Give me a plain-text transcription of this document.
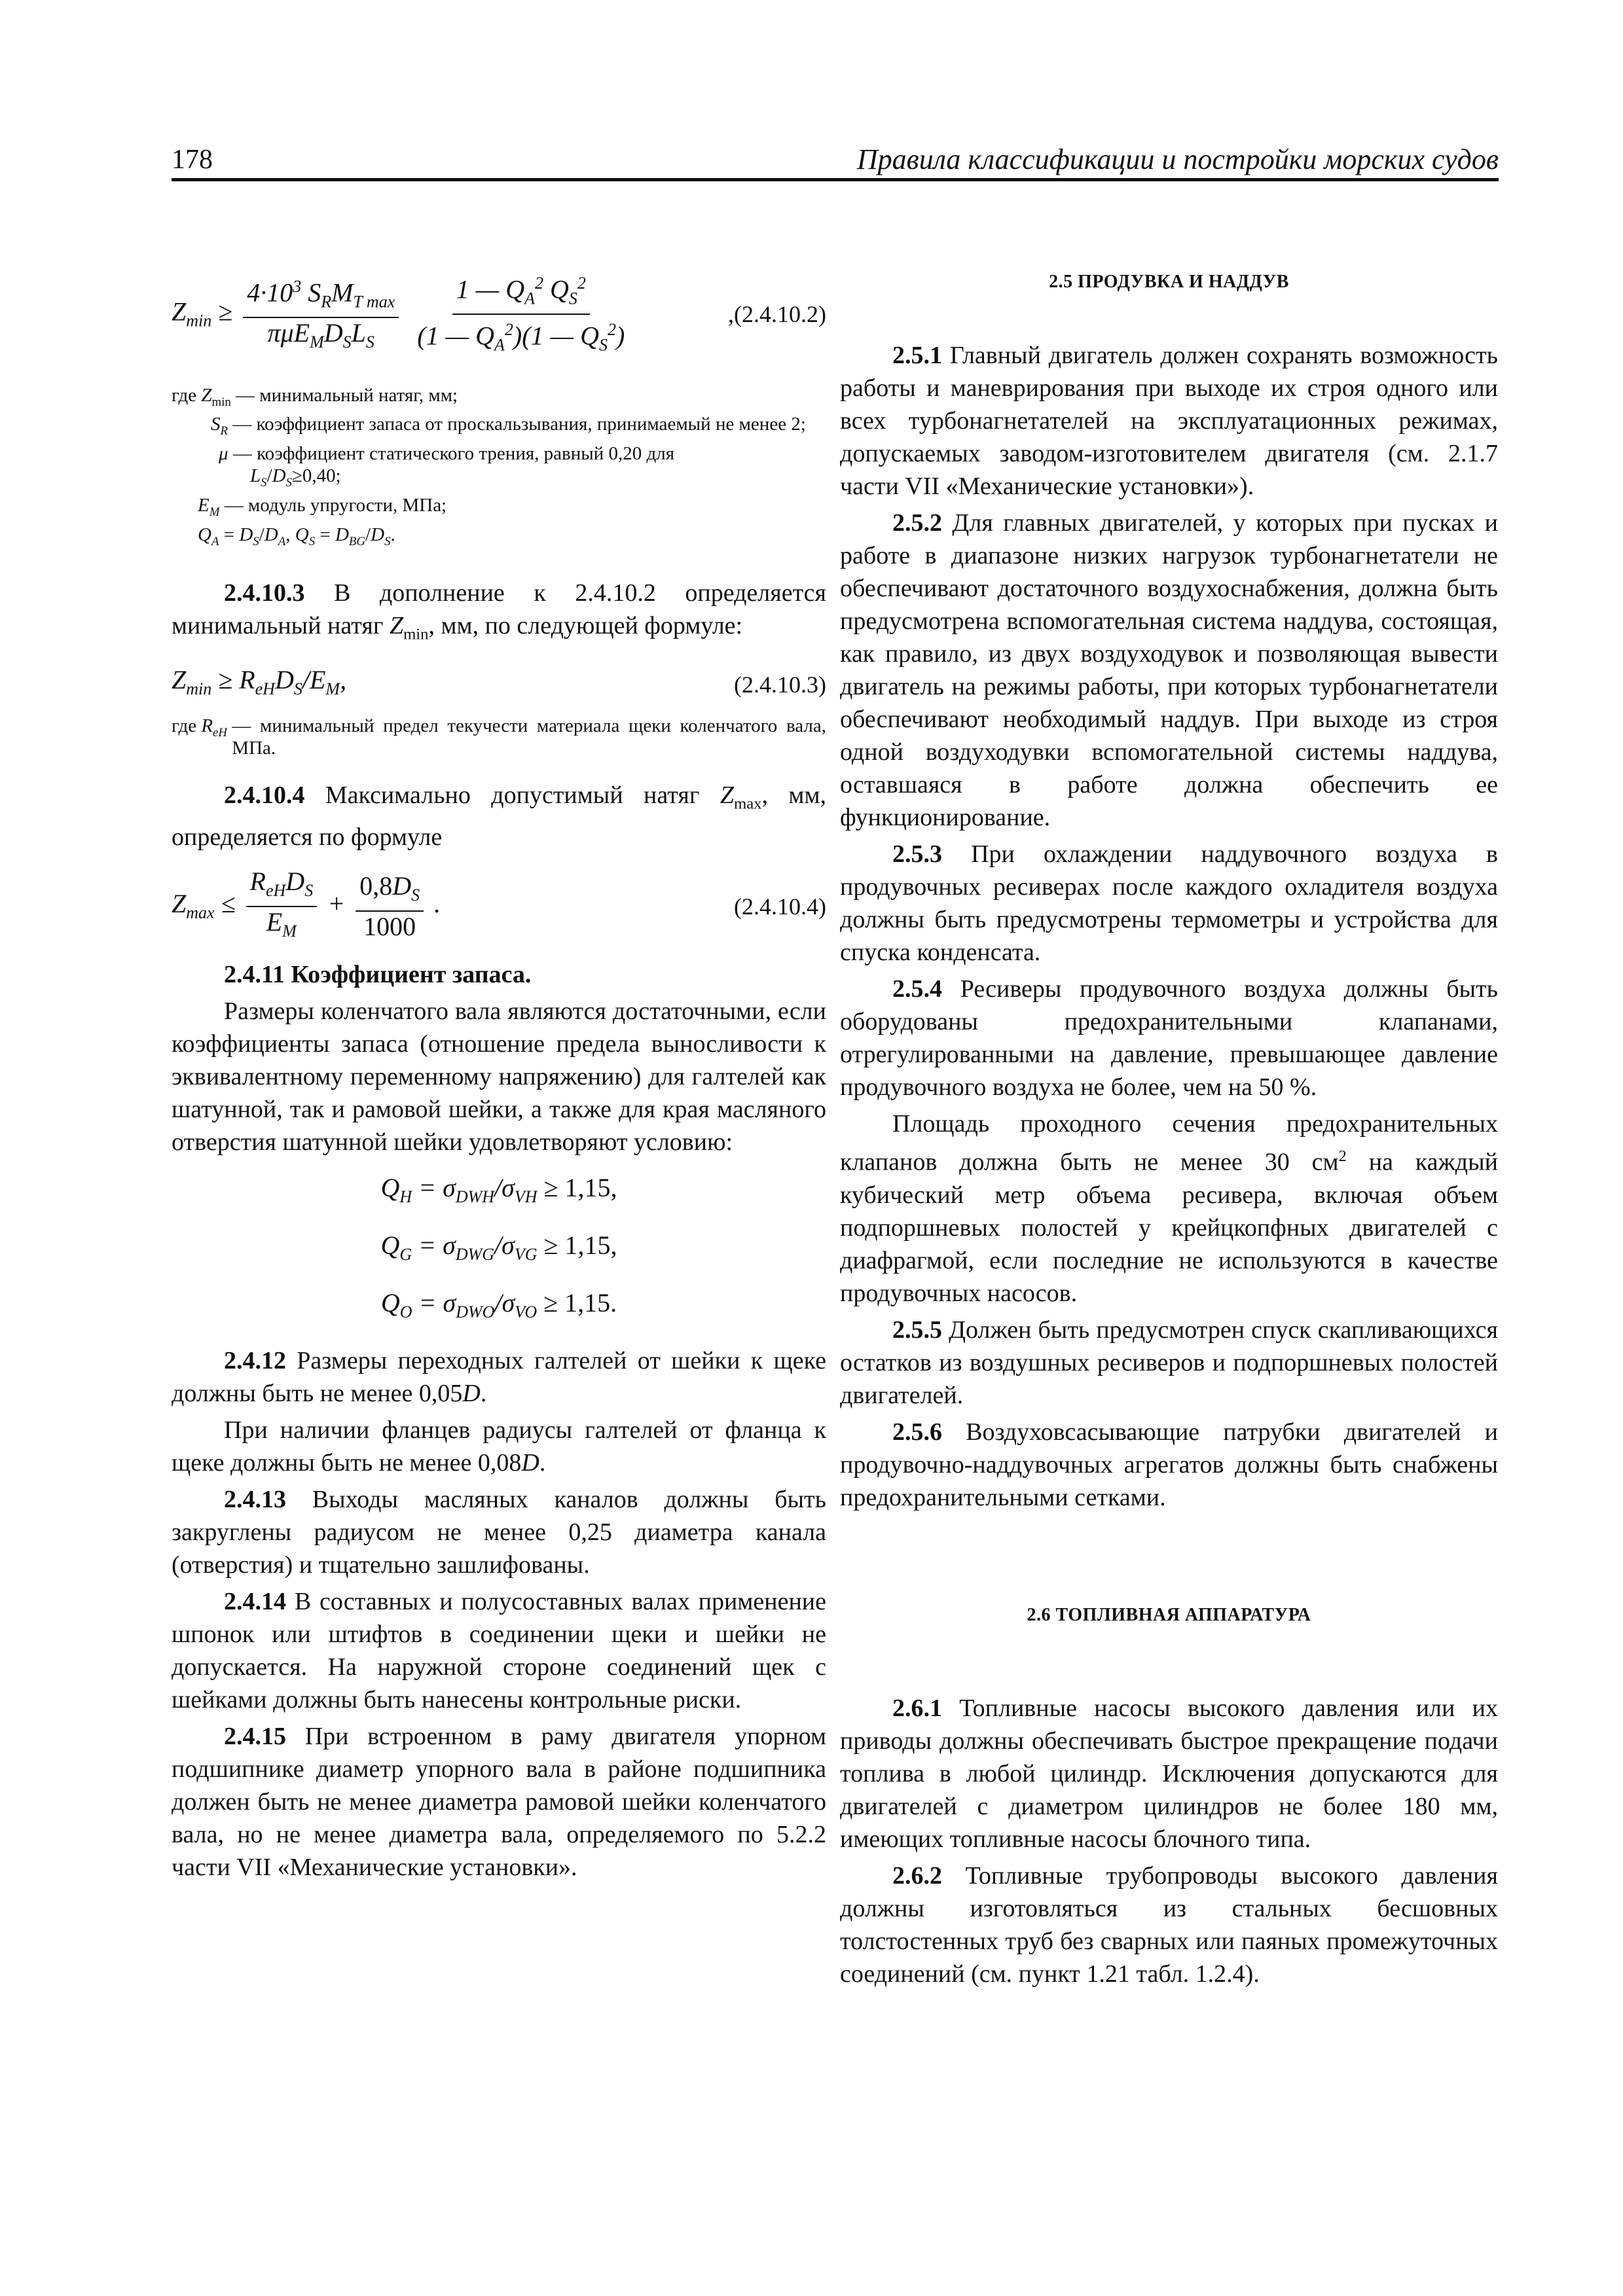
178	Правила классификации и постройки морских судов
$Z_{min} \ge \frac{4\cdot 10^3 S_RM_{T max}}{\pi\mu E_MD_SL_S}$
$\frac{1 — Q_A^2 Q_S^2}{(1 — Q_A^2)(1 — Q_S^2)}$	,(2.4.10.2)
где $Z_{min}$ — минимальный натяг, мм;
$S_R$ — коэффициент запаса от проскальзывания, принимаемый не менее 2;
μ — коэффициент статического трения, равный 0,20 для
$L_S/D_S \ge 0,40$;
$E_M$ — модуль упругости, МПа;
$Q_A = D_S/D_A$, $Q_S = D_{BG}/D_S$.

2.4.10.3 В дополнение к 2.4.10.2 определяется минимальный натяг $Z_{min}$, мм, по следующей формуле:

$Z_{min} \ge R_{eH}D_S/E_M$,	(2.4.10.3)
где $R_{eH}$ — минимальный предел текучести материала щеки коленчатого вала, МПа.

2.4.10.4 Максимально допустимый натяг $Z_{max}$, мм, определяется по формуле

$Z_{max} \le \frac{R_{eH}D_S}{E_M} + \frac{0,8D_S}{1000}$ .	(2.4.10.4)

2.4.11 Коэффициент запаса.

Размеры коленчатого вала являются достаточными, если коэффициенты запаса (отношение предела выносливости к эквивалентному переменному напряжению) для галтелей как шатунной, так и рамовой шейки, а также для края масляного отверстия шатунной шейки удовлетворяют условию:

$Q_H = \sigma_{DWH}/\sigma_{VH} \ge 1,15$,
$Q_G = \sigma_{DWG}/\sigma_{VG} \ge 1,15$,
$Q_O = \sigma_{DWO}/\sigma_{VO} \ge 1,15$.

2.4.12 Размеры переходных галтелей от шейки к щеке должны быть не менее 0,05D.

При наличии фланцев радиусы галтелей от фланца к щеке должны быть не менее 0,08D.

2.4.13 Выходы масляных каналов должны быть закруглены радиусом не менее 0,25 диаметра канала (отверстия) и тщательно зашлифованы.

2.4.14 В составных и полусоставных валах применение шпонок или штифтов в соединении щеки и шейки не допускается. На наружной стороне соединений щек с шейками должны быть нанесены контрольные риски.

2.4.15 При встроенном в раму двигателя упорном подшипнике диаметр упорного вала в районе подшипника должен быть не менее диаметра рамовой шейки коленчатого вала, но не менее диаметра вала, определяемого по 5.2.2 части VII «Механические установки».

2.5 ПРОДУВКА И НАДДУВ

2.5.1 Главный двигатель должен сохранять возможность работы и маневрирования при выходе их строя одного или всех турбонагнетателей на эксплуатационных режимах, допускаемых заводом-изготовителем двигателя (см. 2.1.7 части VII «Механические установки»).

2.5.2 Для главных двигателей, у которых при пусках и работе в диапазоне низких нагрузок турбонагнетатели не обеспечивают достаточного воздухоснабжения, должна быть предусмотрена вспомогательная система наддува, состоящая, как правило, из двух воздуходувок и позволяющая вывести двигатель на режимы работы, при которых турбонагнетатели обеспечивают необходимый наддув. При выходе из строя одной воздуходувки вспомогательной системы наддува, оставшаяся в работе должна обеспечить ее функционирование.

2.5.3 При охлаждении наддувочного воздуха в продувочных ресиверах после каждого охладителя воздуха должны быть предусмотрены термометры и устройства для спуска конденсата.

2.5.4 Ресиверы продувочного воздуха должны быть оборудованы предохранительными клапанами, отрегулированными на давление, превышающее давление продувочного воздуха не более, чем на 50 %.

Площадь проходного сечения предохранительных клапанов должна быть не менее 30 $см^2$ на каждый кубический метр объема ресивера, включая объем подпоршневых полостей у крейцкопфных двигателей с диафрагмой, если последние не используются в качестве продувочных насосов.

2.5.5 Должен быть предусмотрен спуск скапливающихся остатков из воздушных ресиверов и подпоршневых полостей двигателей.

2.5.6 Воздуховсасывающие патрубки двигателей и продувочно-наддувочных агрегатов должны быть снабжены предохранительными сетками.

2.6 ТОПЛИВНАЯ АППАРАТУРА

2.6.1 Топливные насосы высокого давления или их приводы должны обеспечивать быстрое прекращение подачи топлива в любой цилиндр. Исключения допускаются для двигателей с диаметром цилиндров не более 180 мм, имеющих топливные насосы блочного типа.

2.6.2 Топливные трубопроводы высокого давления должны изготовляться из стальных бесшовных толстостенных труб без сварных или паяных промежуточных соединений (см. пункт 1.21 табл. 1.2.4).
